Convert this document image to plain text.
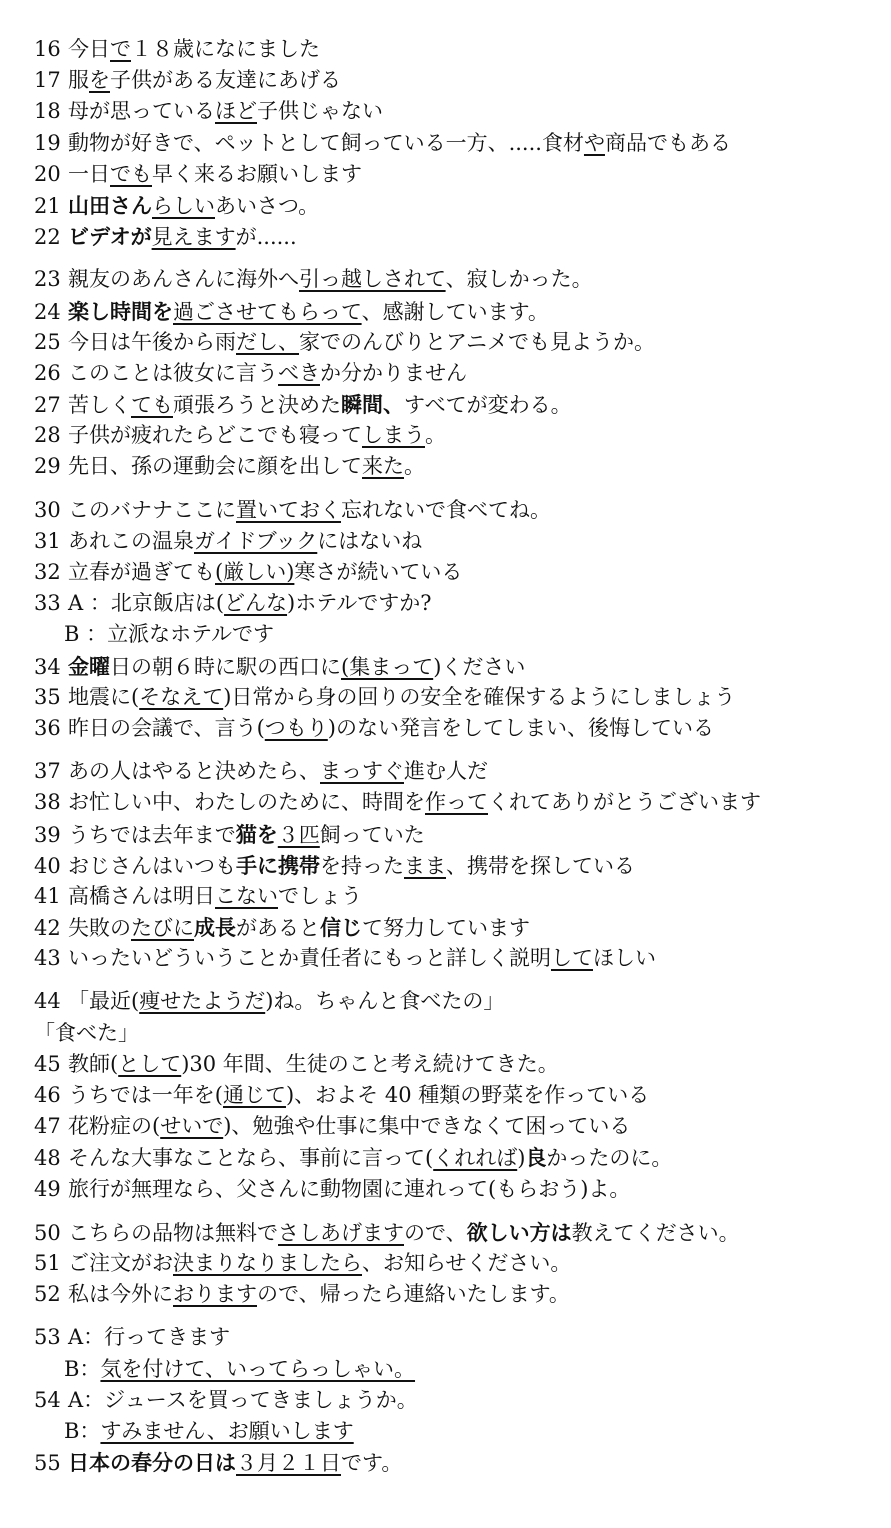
16 今日で１８歳になにました
17 服を子供がある友達にあげる
18 母が思っているほど子供じゃない
19 動物が好きで、ペットとして飼っている一方、.....食材や商品でもある
20 一日でも早く来るお願いします
21 山田さんらしいあいさつ。
22 ビデオが見えますが......
23 親友のあんさんに海外へ引っ越しされて、寂しかった。
24 楽し時間を過ごさせてもらって、感謝しています。
25 今日は午後から雨だし、家でのんびりとアニメでも見ようか。
26 このことは彼女に言うべきか分かりません
27 苦しくても頑張ろうと決めた瞬間、すべてが変わる。
28 子供が疲れたらどこでも寝ってしまう。
29 先日、孫の運動会に顔を出して来た。
30 このバナナここに置いておく忘れないで食べてね。
31 あれこの温泉ガイドブックにはないね
32 立春が過ぎても(厳しい)寒さが続いている
33 A ：北京飯店は(どんな)ホテルですか?
B ：立派なホテルです
34 金曜日の朝６時に駅の西口に(集まって)ください
35 地震に(そなえて)日常から身の回りの安全を確保するようにしましょう
36 昨日の会議で、言う(つもり)のない発言をしてしまい、後悔している
37 あの人はやると決めたら、まっすぐ進む人だ
38 お忙しい中、わたしのために、時間を作ってくれてありがとうございます
39 うちでは去年まで猫を３匹飼っていた
40 おじさんはいつも手に携帯を持ったまま、携帯を探している
41 高橋さんは明日こないでしょう
42 失敗のたびに成長があると信じて努力しています
43 いったいどういうことか責任者にもっと詳しく説明してほしい
44 「最近(痩せたようだ)ね。ちゃんと食べたの」
「食べた」
45 教師(として)30 年間、生徒のこと考え続けてきた。
46 うちでは一年を(通じて)、およそ 40 種類の野菜を作っている
47 花粉症の(せいで)、勉強や仕事に集中できなくて困っている
48 そんな大事なことなら、事前に言って(くれれば)良かったのに。
49 旅行が無理なら、父さんに動物園に連れって(もらおう)よ。
50 こちらの品物は無料でさしあげますので、欲しい方は教えてください。
51 ご注文がお決まりなりましたら、お知らせください。
52 私は今外におりますので、帰ったら連絡いたします。
53 A：行ってきます
B：気を付けて、いってらっしゃい。
54 A：ジュースを買ってきましょうか。
B：すみません、お願いします
55 日本の春分の日は３月２１日です。
